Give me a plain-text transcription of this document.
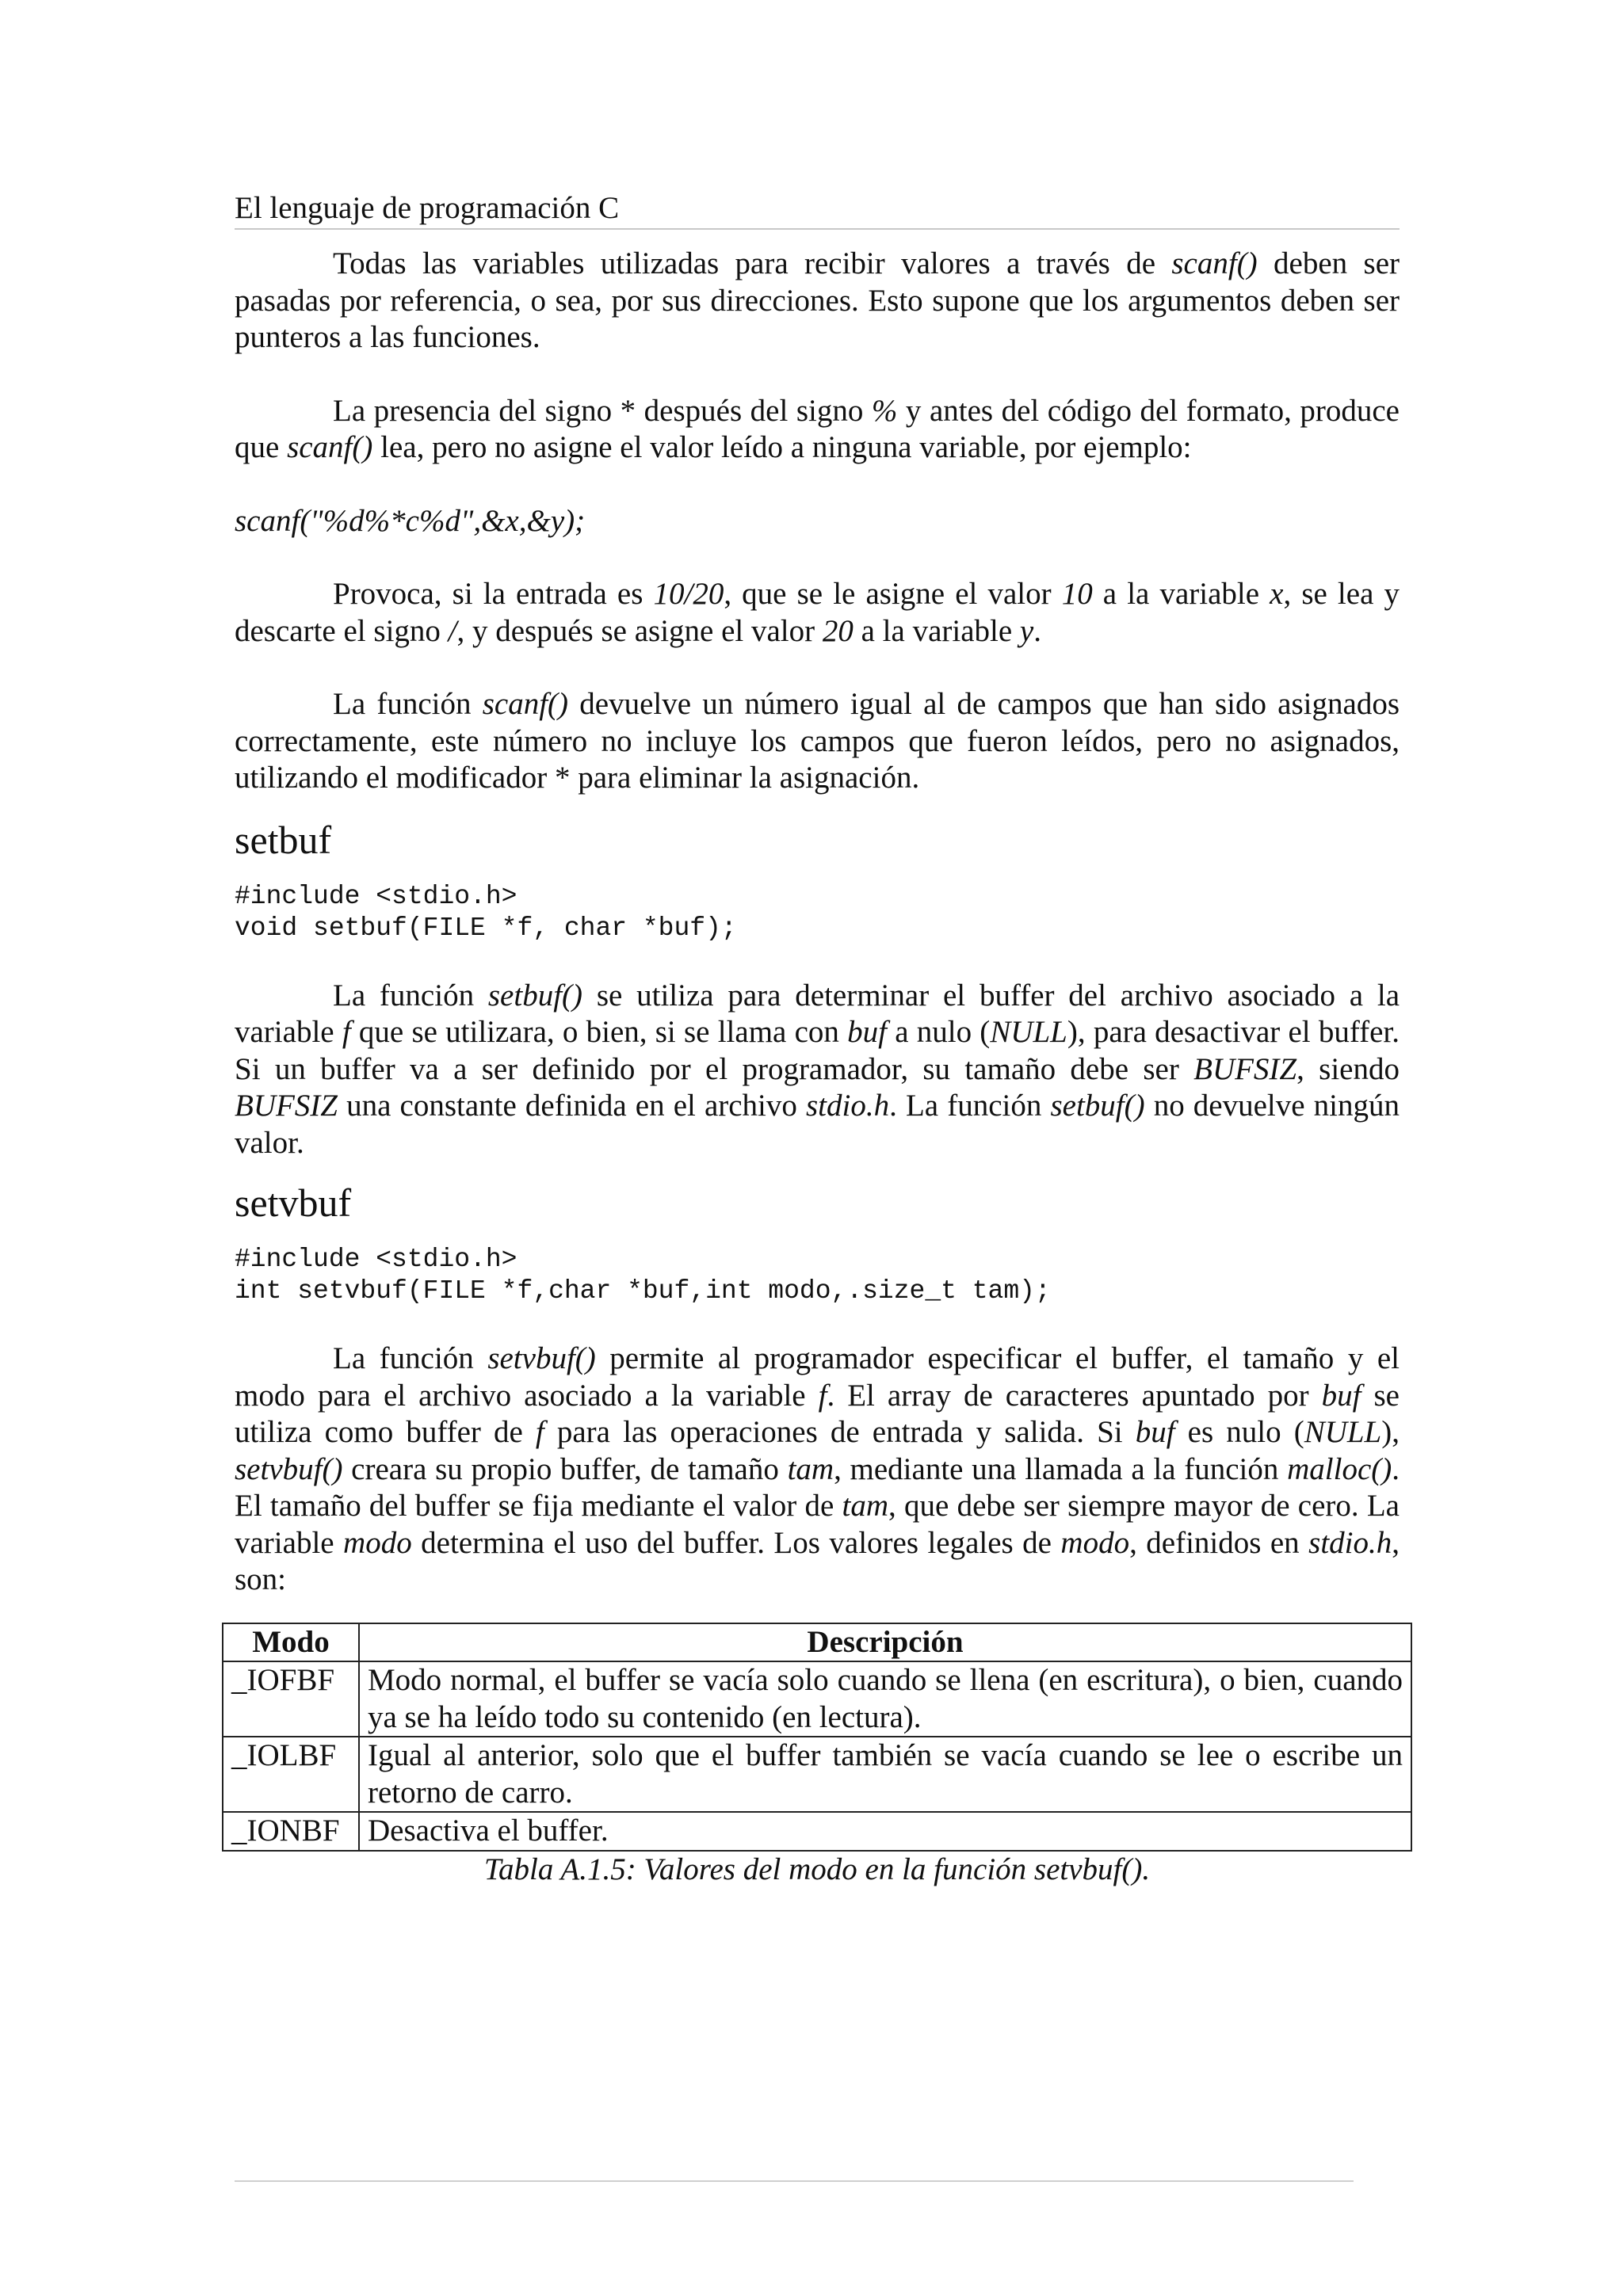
El lenguaje de programación C

Todas las variables utilizadas para recibir valores a través de scanf() deben ser pasadas por referencia, o sea, por sus direcciones. Esto supone que los argumentos deben ser punteros a las funciones.

La presencia del signo * después del signo % y antes del código del formato, produce que scanf() lea, pero no asigne el valor leído a ninguna variable, por ejemplo:

scanf("%d%*c%d",&x,&y);

Provoca, si la entrada es 10/20, que se le asigne el valor 10 a la variable x, se lea y descarte el signo /, y después se asigne el valor 20 a la variable y.

La función scanf() devuelve un número igual al de campos que han sido asignados correctamente, este número no incluye los campos que fueron leídos, pero no asignados, utilizando el modificador * para eliminar la asignación.

setbuf
#include <stdio.h>
void setbuf(FILE *f, char *buf);

La función setbuf() se utiliza para determinar el buffer del archivo asociado a la variable f que se utilizara, o bien, si se llama con buf a nulo (NULL), para desactivar el buffer. Si un buffer va a ser definido por el programador, su tamaño debe ser BUFSIZ, siendo BUFSIZ una constante definida en el archivo stdio.h. La función setbuf() no devuelve ningún valor.

setvbuf
#include <stdio.h>
int setvbuf(FILE *f,char *buf,int modo,.size_t tam);

La función setvbuf() permite al programador especificar el buffer, el tamaño y el modo para el archivo asociado a la variable f. El array de caracteres apuntado por buf se utiliza como buffer de f para las operaciones de entrada y salida. Si buf es nulo (NULL), setvbuf() creara su propio buffer, de tamaño tam, mediante una llamada a la función malloc(). El tamaño del buffer se fija mediante el valor de tam, que debe ser siempre mayor de cero. La variable modo determina el uso del buffer. Los valores legales de modo, definidos en stdio.h, son:

Modo	Descripción
_IOFBF	Modo normal, el buffer se vacía solo cuando se llena (en escritura), o bien, cuando ya se ha leído todo su contenido (en lectura).
_IOLBF	Igual al anterior, solo que el buffer también se vacía cuando se lee o escribe un retorno de carro.
_IONBF	Desactiva el buffer.
Tabla A.1.5: Valores del modo en la función setvbuf().
